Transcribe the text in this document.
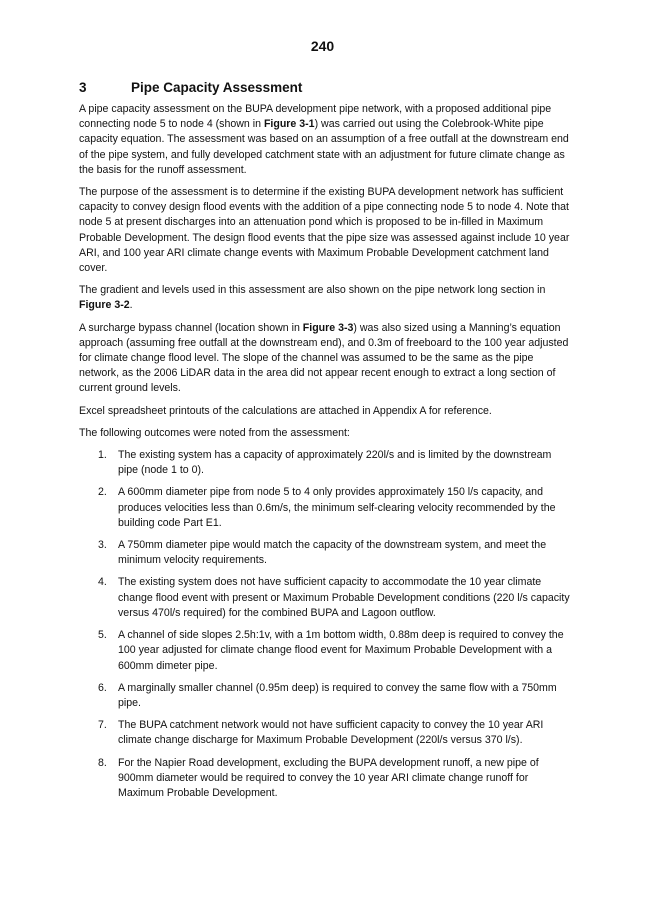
240
3	Pipe Capacity Assessment

A pipe capacity assessment on the BUPA development pipe network, with a proposed additional pipe connecting node 5 to node 4 (shown in Figure 3-1) was carried out using the Colebrook-White pipe capacity equation. The assessment was based on an assumption of a free outfall at the downstream end of the pipe system, and fully developed catchment state with an adjustment for future climate change as the basis for the runoff assessment.

The purpose of the assessment is to determine if the existing BUPA development network has sufficient capacity to convey design flood events with the addition of a pipe connecting node 5 to node 4. Note that node 5 at present discharges into an attenuation pond which is proposed to be in-filled in Maximum Probable Development. The design flood events that the pipe size was assessed against include 10 year ARI, and 100 year ARI climate change events with Maximum Probable Development catchment land cover.

The gradient and levels used in this assessment are also shown on the pipe network long section in Figure 3-2.

A surcharge bypass channel (location shown in Figure 3-3) was also sized using a Manning’s equation approach (assuming free outfall at the downstream end), and 0.3m of freeboard to the 100 year adjusted for climate change flood level. The slope of the channel was assumed to be the same as the pipe network, as the 2006 LiDAR data in the area did not appear recent enough to extract a long section of current ground levels.

Excel spreadsheet printouts of the calculations are attached in Appendix A for reference.

The following outcomes were noted from the assessment:

1. The existing system has a capacity of approximately 220l/s and is limited by the downstream pipe (node 1 to 0).
2. A 600mm diameter pipe from node 5 to 4 only provides approximately 150 l/s capacity, and produces velocities less than 0.6m/s, the minimum self-clearing velocity recommended by the building code Part E1.
3. A 750mm diameter pipe would match the capacity of the downstream system, and meet the minimum velocity requirements.
4. The existing system does not have sufficient capacity to accommodate the 10 year climate change flood event with present or Maximum Probable Development conditions (220 l/s capacity versus 470l/s required) for the combined BUPA and Lagoon outflow.
5. A channel of side slopes 2.5h:1v, with a 1m bottom width, 0.88m deep is required to convey the 100 year adjusted for climate change flood event for Maximum Probable Development with a 600mm dimeter pipe.
6. A marginally smaller channel (0.95m deep) is required to convey the same flow with a 750mm pipe.
7. The BUPA catchment network would not have sufficient capacity to convey the 10 year ARI climate change discharge for Maximum Probable Development (220l/s versus 370 l/s).
8. For the Napier Road development, excluding the BUPA development runoff, a new pipe of 900mm diameter would be required to convey the 10 year ARI climate change runoff for Maximum Probable Development.
